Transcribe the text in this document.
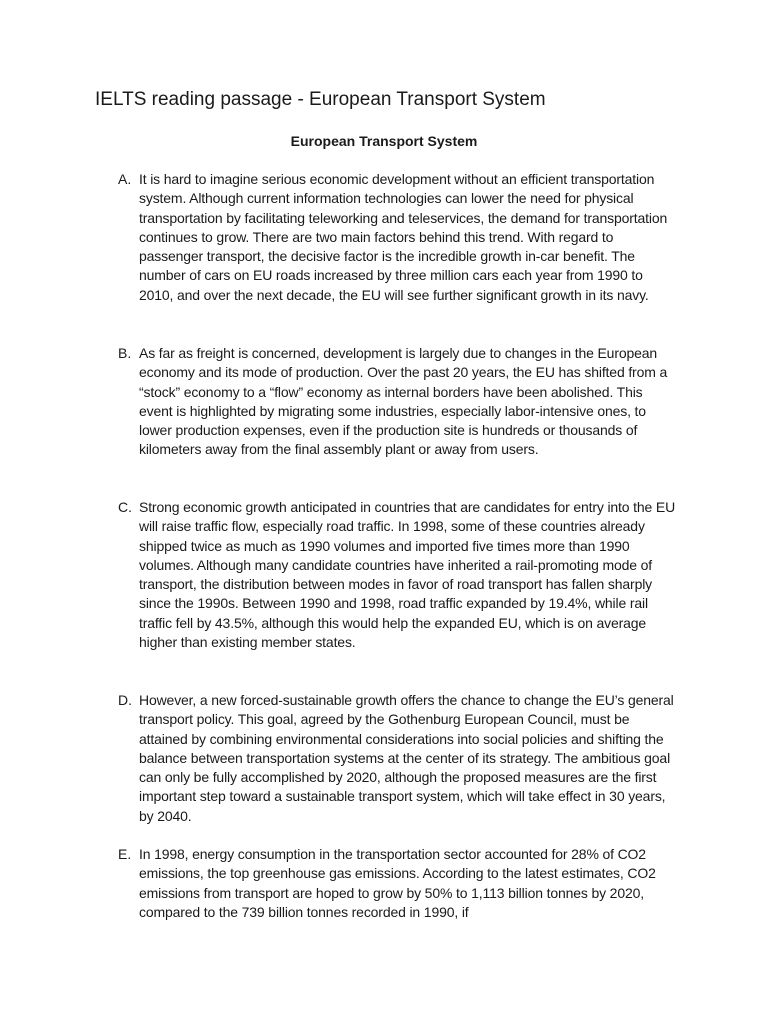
IELTS reading passage - European Transport System
European Transport System
A. It is hard to imagine serious economic development without an efficient transportation system. Although current information technologies can lower the need for physical transportation by facilitating teleworking and teleservices, the demand for transportation continues to grow. There are two main factors behind this trend. With regard to passenger transport, the decisive factor is the incredible growth in-car benefit. The number of cars on EU roads increased by three million cars each year from 1990 to 2010, and over the next decade, the EU will see further significant growth in its navy.
B. As far as freight is concerned, development is largely due to changes in the European economy and its mode of production. Over the past 20 years, the EU has shifted from a “stock” economy to a “flow” economy as internal borders have been abolished. This event is highlighted by migrating some industries, especially labor-intensive ones, to lower production expenses, even if the production site is hundreds or thousands of kilometers away from the final assembly plant or away from users.
C. Strong economic growth anticipated in countries that are candidates for entry into the EU will raise traffic flow, especially road traffic. In 1998, some of these countries already shipped twice as much as 1990 volumes and imported five times more than 1990 volumes. Although many candidate countries have inherited a rail-promoting mode of transport, the distribution between modes in favor of road transport has fallen sharply since the 1990s. Between 1990 and 1998, road traffic expanded by 19.4%, while rail traffic fell by 43.5%, although this would help the expanded EU, which is on average higher than existing member states.
D. However, a new forced-sustainable growth offers the chance to change the EU’s general transport policy. This goal, agreed by the Gothenburg European Council, must be attained by combining environmental considerations into social policies and shifting the balance between transportation systems at the center of its strategy. The ambitious goal can only be fully accomplished by 2020, although the proposed measures are the first important step toward a sustainable transport system, which will take effect in 30 years, by 2040.
E. In 1998, energy consumption in the transportation sector accounted for 28% of CO2 emissions, the top greenhouse gas emissions. According to the latest estimates, CO2 emissions from transport are hoped to grow by 50% to 1,113 billion tonnes by 2020, compared to the 739 billion tonnes recorded in 1990, if
